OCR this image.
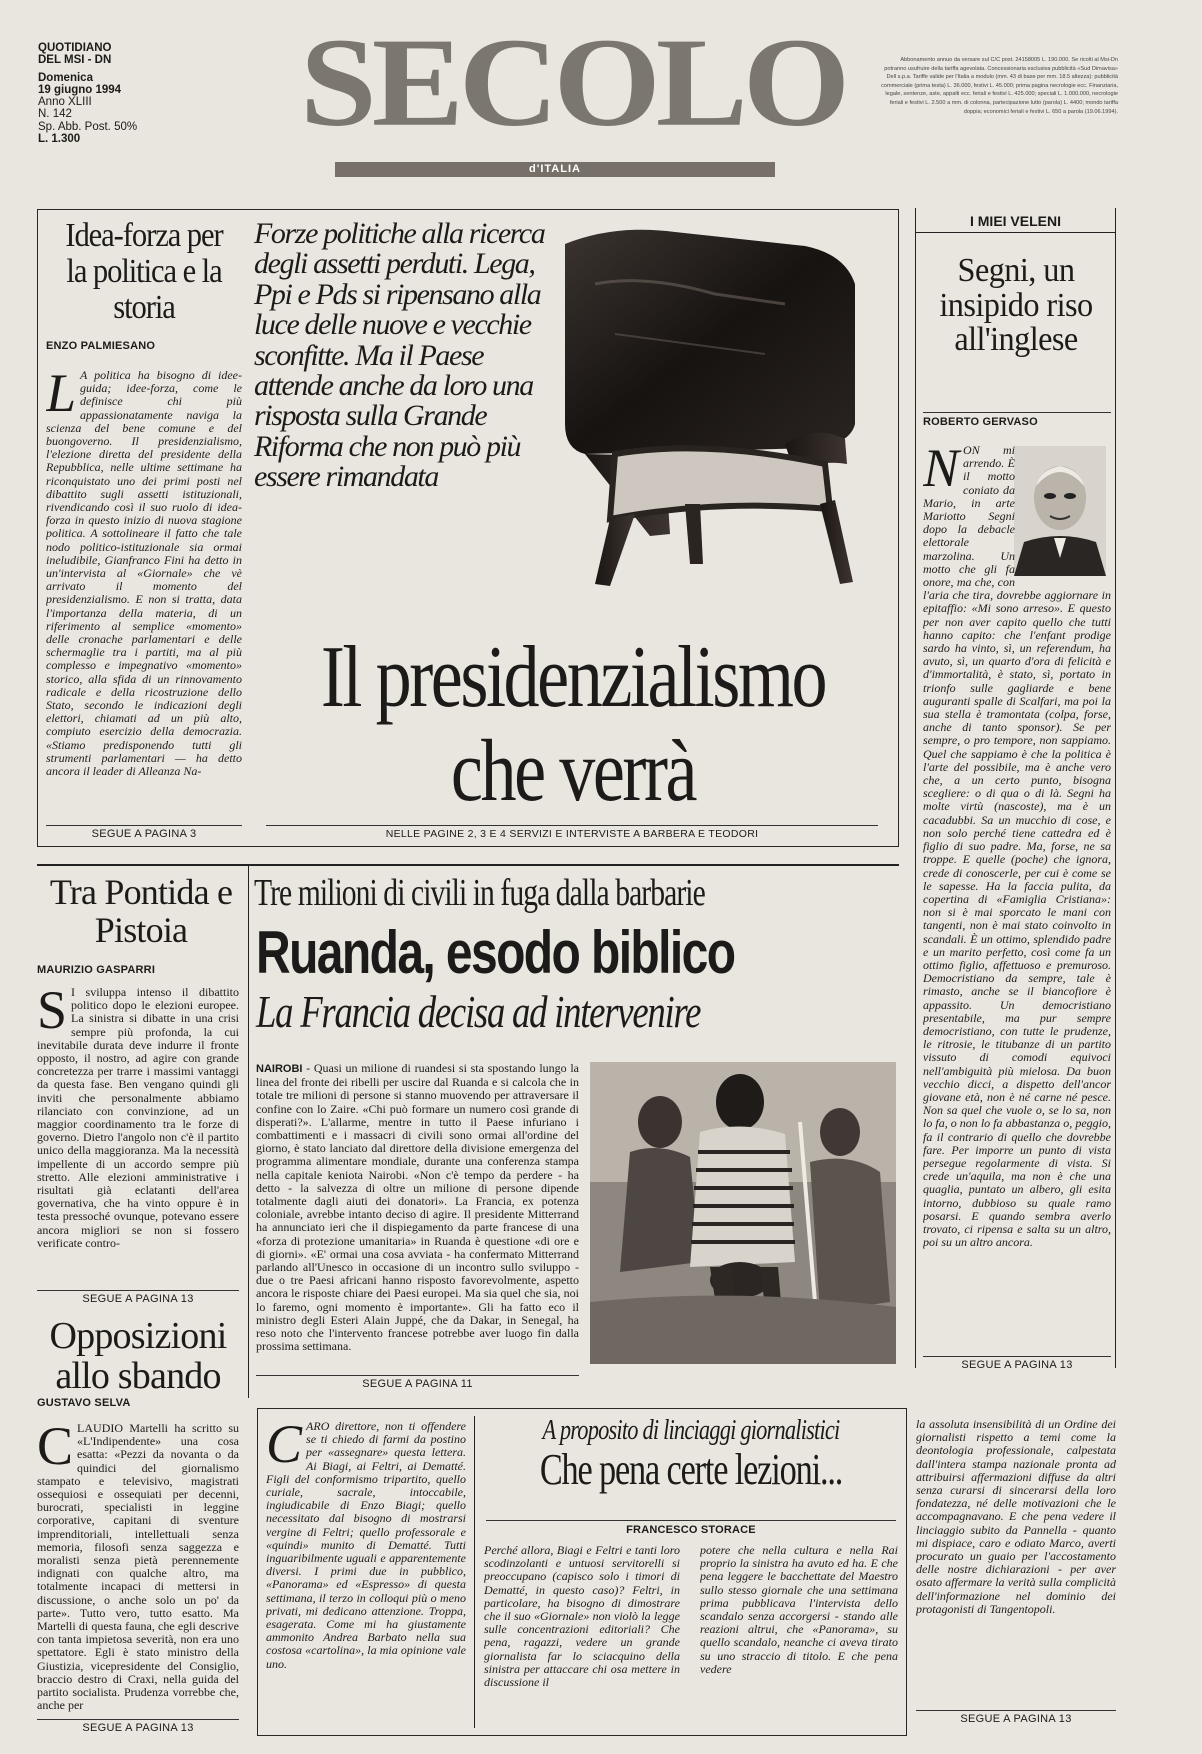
QUOTIDIANO
DEL MSI - DN
Domenica
19 giugno 1994
Anno XLIII
N. 142
Sp. Abb. Post. 50%
L. 1.300	SECOLO
d'ITALIA
Abbonamento annuo da versare sul C/C post. 24158005 L. 190.000. Se ricolti al Msi-Dn potranno usufruire della tariffa agevolata. Concessionaria esclusiva pubblicità «Sud Dimavisa» Dell s.p.a. Tariffe valide per l'Italia a modulo (mm. 43 di base per mm. 18.5 altezza): pubblicità commerciale (prima testa) L. 36.000, festivi L. 45.000; prima pagina necrologie ecc. Finanziaria, legale, sentenze, aste, appalti ecc. feriali e festivi L. 425.000; speciali L. 1.000.000, necrologie feriali e festivi L. 2.500 a mm. di colonna, partecipazione lutto (parola) L. 4400; mondo tariffa doppia; economici feriali e festivi L. 650 a parola (19.06.1994).
Idea-forza per la politica e la storia
ENZO PALMIESANO
L A politica ha bisogno di idee-guida; idee-forza, come le definisce chi più appassionatamente naviga la scienza del bene comune e del buongoverno. Il presidenzialismo, l'elezione diretta del presidente della Repubblica, nelle ultime settimane ha riconquistato uno dei primi posti nel dibattito sugli assetti istituzionali, rivendicando così il suo ruolo di idea-forza in questo inizio di nuova stagione politica. A sottolineare il fatto che tale nodo politico-istituzionale sia ormai ineludibile, Gianfranco Fini ha detto in un'intervista al «Giornale» che vè arrivato il momento del presidenzialismo. E non si tratta, data l'importanza della materia, di un riferimento al semplice «momento» delle cronache parlamentari e delle schermaglie tra i partiti, ma al più complesso e impegnativo «momento» storico, alla sfida di un rinnovamento radicale e della ricostruzione dello Stato, secondo le indicazioni degli elettori, chiamati ad un più alto, compiuto esercizio della democrazia. «Stiamo predisponendo tutti gli strumenti parlamentari — ha detto ancora il leader di Alleanza Na-
SEGUE A PAGINA 3
Forze politiche alla ricerca degli assetti perduti. Lega, Ppi e Pds si ripensano alla luce delle nuove e vecchie sconfitte. Ma il Paese attende anche da loro una risposta sulla Grande Riforma che non può più essere rimandata
Il presidenzialismo
che verrà
NELLE PAGINE 2, 3 E 4 SERVIZI E INTERVISTE A BARBERA E TEODORI
I MIEI VELENI
Segni, un insipido riso all'inglese
ROBERTO GERVASO
N ON mi arrendo. È il motto coniato da Mario, in arte Mariotto Segni dopo la debacle elettorale marzolina. Un motto che gli fa onore, ma che, con l'aria che tira, dovrebbe aggiornare in epitaffio: «Mi sono arreso». E questo per non aver capito quello che tutti hanno capito: che l'enfant prodige sardo ha vinto, sì, un referendum, ha avuto, sì, un quarto d'ora di felicità e d'immortalità, è stato, sì, portato in trionfo sulle gagliarde e bene auguranti spalle di Scalfari, ma poi la sua stella è tramontata (colpa, forse, anche di tanto sponsor). Se per sempre, o pro tempore, non sappiamo. Quel che sappiamo è che la politica è l'arte del possibile, ma è anche vero che, a un certo punto, bisogna scegliere: o di qua o di là. Segni ha molte virtù (nascoste), ma è un cacadubbi. Sa un mucchio di cose, e non solo perché tiene cattedra ed è figlio di suo padre. Ma, forse, ne sa troppe. E quelle (poche) che ignora, crede di conoscerle, per cui è come se le sapesse. Ha la faccia pulita, da copertina di «Famiglia Cristiana»: non si è mai sporcato le mani con tangenti, non è mai stato coinvolto in scandali. È un ottimo, splendido padre e un marito perfetto, così come fa un ottimo figlio, affettuoso e premuroso. Democristiano da sempre, tale è rimasto, anche se il biancofiore è appassito. Un democristiano presentabile, ma pur sempre democristiano, con tutte le prudenze, le ritrosie, le titubanze di un partito vissuto di comodi equivoci nell'ambiguità più mielosa. Da buon vecchio dicci, a dispetto dell'ancor giovane età, non è né carne né pesce. Non sa quel che vuole o, se lo sa, non lo fa, o non lo fa abbastanza o, peggio, fa il contrario di quello che dovrebbe fare. Per imporre un punto di vista persegue regolarmente di vista. Si crede un'aquila, ma non è che una quaglia, puntato un albero, gli esita intorno, dubbioso su quale ramo posarsi. E quando sembra averlo trovato, ci ripensa e salta su un altro, poi su un altro ancora.
SEGUE A PAGINA 13
Tra Pontida e Pistoia
MAURIZIO GASPARRI
S I sviluppa intenso il dibattito politico dopo le elezioni europee. La sinistra si dibatte in una crisi sempre più profonda, la cui inevitabile durata deve indurre il fronte opposto, il nostro, ad agire con grande concretezza per trarre i massimi vantaggi da questa fase. Ben vengano quindi gli inviti che personalmente abbiamo rilanciato con convinzione, ad un maggior coordinamento tra le forze di governo. Dietro l'angolo non c'è il partito unico della maggioranza. Ma la necessità impellente di un accordo sempre più stretto. Alle elezioni amministrative i risultati già eclatanti dell'area governativa, che ha vinto oppure è in testa pressoché ovunque, potevano essere ancora migliori se non si fossero verificate contro-
SEGUE A PAGINA 13
Opposizioni allo sbando
GUSTAVO SELVA
C LAUDIO Martelli ha scritto su «L'Indipendente» una cosa esatta: «Pezzi da novanta o da quindici del giornalismo stampato e televisivo, magistrati ossequiosi e ossequiati per decenni, burocrati, specialisti in leggine corporative, capitani di sventure imprenditoriali, intellettuali senza memoria, filosofi senza saggezza e moralisti senza pietà perennemente indignati con qualche altro, ma totalmente incapaci di mettersi in discussione, o anche solo un po' da parte». Tutto vero, tutto esatto. Ma Martelli di questa fauna, che egli descrive con tanta impietosa severità, non era uno spettatore. Egli è stato ministro della Giustizia, vicepresidente del Consiglio, braccio destro di Craxi, nella guida del partito socialista. Prudenza vorrebbe che, anche per
SEGUE A PAGINA 13
Tre milioni di civili in fuga dalla barbarie
Ruanda, esodo biblico
La Francia decisa ad intervenire
NAIROBI - Quasi un milione di ruandesi si sta spostando lungo la linea del fronte dei ribelli per uscire dal Ruanda e si calcola che in totale tre milioni di persone si stanno muovendo per attraversare il confine con lo Zaire. «Chi può formare un numero così grande di disperati?». L'allarme, mentre in tutto il Paese infuriano i combattimenti e i massacri di civili sono ormai all'ordine del giorno, è stato lanciato dal direttore della divisione emergenza del programma alimentare mondiale, durante una conferenza stampa nella capitale keniota Nairobi. «Non c'è tempo da perdere - ha detto - la salvezza di oltre un milione di persone dipende totalmente dagli aiuti dei donatori». La Francia, ex potenza coloniale, avrebbe intanto deciso di agire. Il presidente Mitterrand ha annunciato ieri che il dispiegamento da parte francese di una «forza di protezione umanitaria» in Ruanda è questione «di ore e di giorni». «E' ormai una cosa avviata - ha confermato Mitterrand parlando all'Unesco in occasione di un incontro sullo sviluppo - due o tre Paesi africani hanno risposto favorevolmente, aspetto ancora le risposte chiare dei Paesi europei. Ma sia quel che sia, noi lo faremo, ogni momento è importante». Gli ha fatto eco il ministro degli Esteri Alain Juppé, che da Dakar, in Senegal, ha reso noto che l'intervento francese potrebbe aver luogo fin dalla prossima settimana.
SEGUE A PAGINA 11
C ARO direttore, non ti offendere se ti chiedo di farmi da postino per «assegnare» questa lettera. Ai Biagi, ai Feltri, ai Dematté. Figli del conformismo tripartito, quello curiale, sacrale, intoccabile, ingiudicabile di Enzo Biagi; quello necessitato dal bisogno di mostrarsi vergine di Feltri; quello professorale e «quindi» munito di Dematté. Tutti inguaribilmente uguali e apparentemente diversi. I primi due in pubblico, «Panorama» ed «Espresso» di questa settimana, il terzo in colloqui più o meno privati, mi dedicano attenzione. Troppa, esagerata. Come mi ha giustamente ammonito Andrea Barbato nella sua costosa «cartolina», la mia opinione vale uno.
A proposito di linciaggi giornalistici
Che pena certe lezioni...
FRANCESCO STORACE
Perché allora, Biagi e Feltri e tanti loro scodinzolanti e untuosi servitorelli si preoccupano (capisco solo i timori di Dematté, in questo caso)? Feltri, in particolare, ha bisogno di dimostrare che il suo «Giornale» non violò la legge sulle concentrazioni editoriali? Che pena, ragazzi, vedere un grande giornalista far lo sciacquino della sinistra per attaccare chi osa mettere in discussione il
potere che nella cultura e nella Rai proprio la sinistra ha avuto ed ha. E che pena leggere le bacchettate del Maestro sullo stesso giornale che una settimana prima pubblicava l'intervista dello scandalo senza accorgersi - stando alle reazioni altrui, che «Panorama», su quello scandalo, neanche ci aveva tirato su uno straccio di titolo. E che pena vedere
la assoluta insensibilità di un Ordine dei giornalisti rispetto a temi come la deontologia professionale, calpestata dall'intera stampa nazionale pronta ad attribuirsi affermazioni diffuse da altri senza curarsi di sincerarsi della loro fondatezza, né delle motivazioni che le accompagnavano. E che pena vedere il linciaggio subito da Pannella - quanto mi dispiace, caro e odiato Marco, averti procurato un guaio per l'accostamento delle nostre dichiarazioni - per aver osato affermare la verità sulla complicità dell'informazione nel dominio dei protagonisti di Tangentopoli.
SEGUE A PAGINA 13
